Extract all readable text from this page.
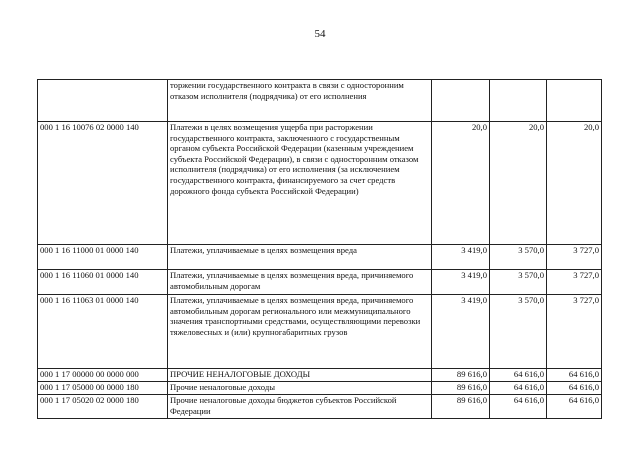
54
	торжении государственного контракта в связи с односторонним отказом исполнителя (подрядчика) от его исполнения			
000 1 16 10076 02 0000 140	Платежи в целях возмещения ущерба при расторжении государственного контракта, заключенного с государственным органом субъекта Российской Федерации (казенным учреждением субъекта Российской Федерации), в связи с односторонним отказом исполнителя (подрядчика) от его исполнения (за исключением государственного контракта, финансируемого за счет средств дорожного фонда субъекта Российской Федерации)	20,0	20,0	20,0
000 1 16 11000 01 0000 140	Платежи, уплачиваемые в целях возмещения вреда	3 419,0	3 570,0	3 727,0
000 1 16 11060 01 0000 140	Платежи, уплачиваемые в целях возмещения вреда, причиняемого автомобильным дорогам	3 419,0	3 570,0	3 727,0
000 1 16 11063 01 0000 140	Платежи, уплачиваемые в целях возмещения вреда, причиняемого автомобильным дорогам регионального или межмуниципального значения транспортными средствами, осуществляющими перевозки тяжеловесных и (или) крупногабаритных грузов	3 419,0	3 570,0	3 727,0
000 1 17 00000 00 0000 000	ПРОЧИЕ НЕНАЛОГОВЫЕ ДОХОДЫ	89 616,0	64 616,0	64 616,0
000 1 17 05000 00 0000 180	Прочие неналоговые доходы	89 616,0	64 616,0	64 616,0
000 1 17 05020 02 0000 180	Прочие неналоговые доходы бюджетов субъектов Российской Федерации	89 616,0	64 616,0	64 616,0
